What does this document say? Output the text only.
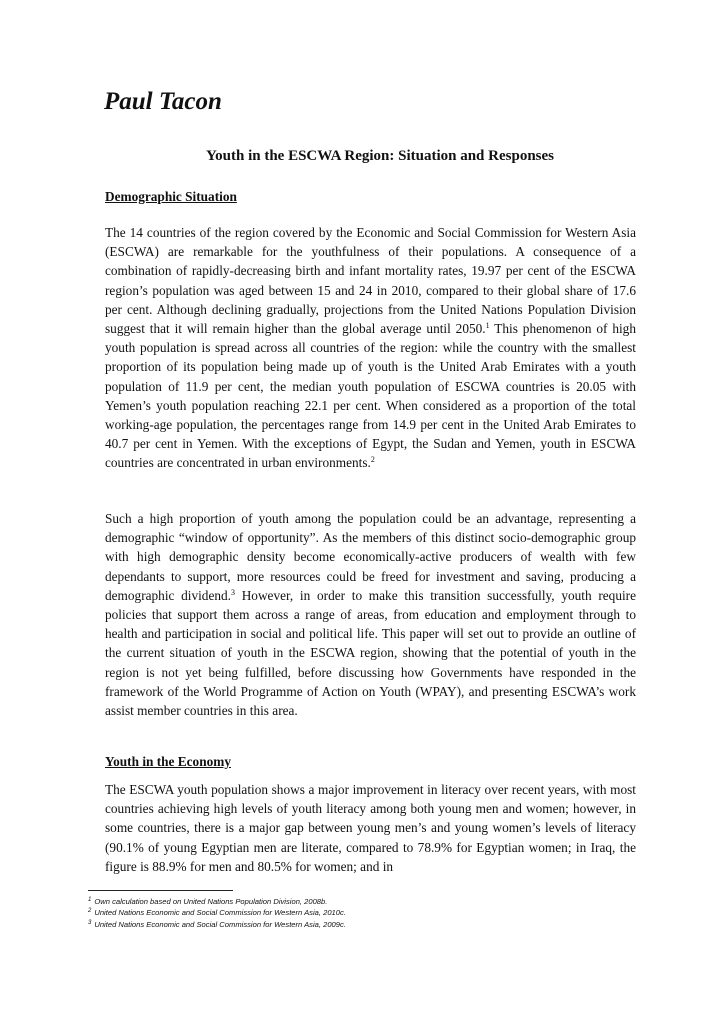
Paul Tacon
Youth in the ESCWA Region: Situation and Responses
Demographic Situation

The 14 countries of the region covered by the Economic and Social Commission for Western Asia (ESCWA) are remarkable for the youthfulness of their populations. A consequence of a combination of rapidly-decreasing birth and infant mortality rates, 19.97 per cent of the ESCWA region’s population was aged between 15 and 24 in 2010, compared to their global share of 17.6 per cent. Although declining gradually, projections from the United Nations Population Division suggest that it will remain higher than the global average until 2050.$^1$ This phenomenon of high youth population is spread across all countries of the region: while the country with the smallest proportion of its population being made up of youth is the United Arab Emirates with a youth population of 11.9 per cent, the median youth population of ESCWA countries is 20.05 with Yemen’s youth population reaching 22.1 per cent. When considered as a proportion of the total working-age population, the percentages range from 14.9 per cent in the United Arab Emirates to 40.7 per cent in Yemen. With the exceptions of Egypt, the Sudan and Yemen, youth in ESCWA countries are concentrated in urban environments.$^2$

Such a high proportion of youth among the population could be an advantage, representing a demographic “window of opportunity”. As the members of this distinct socio-demographic group with high demographic density become economically-active producers of wealth with few dependants to support, more resources could be freed for investment and saving, producing a demographic dividend.$^3$ However, in order to make this transition successfully, youth require policies that support them across a range of areas, from education and employment through to health and participation in social and political life. This paper will set out to provide an outline of the current situation of youth in the ESCWA region, showing that the potential of youth in the region is not yet being fulfilled, before discussing how Governments have responded in the framework of the World Programme of Action on Youth (WPAY), and presenting ESCWA’s work assist member countries in this area.

Youth in the Economy

The ESCWA youth population shows a major improvement in literacy over recent years, with most countries achieving high levels of youth literacy among both young men and women; however, in some countries, there is a major gap between young men’s and young women’s levels of literacy (90.1% of young Egyptian men are literate, compared to 78.9% for Egyptian women; in Iraq, the figure is 88.9% for men and 80.5% for women; and in

$^1$ Own calculation based on United Nations Population Division, 2008b.
$^2$ United Nations Economic and Social Commission for Western Asia, 2010c.
$^3$ United Nations Economic and Social Commission for Western Asia, 2009c.
